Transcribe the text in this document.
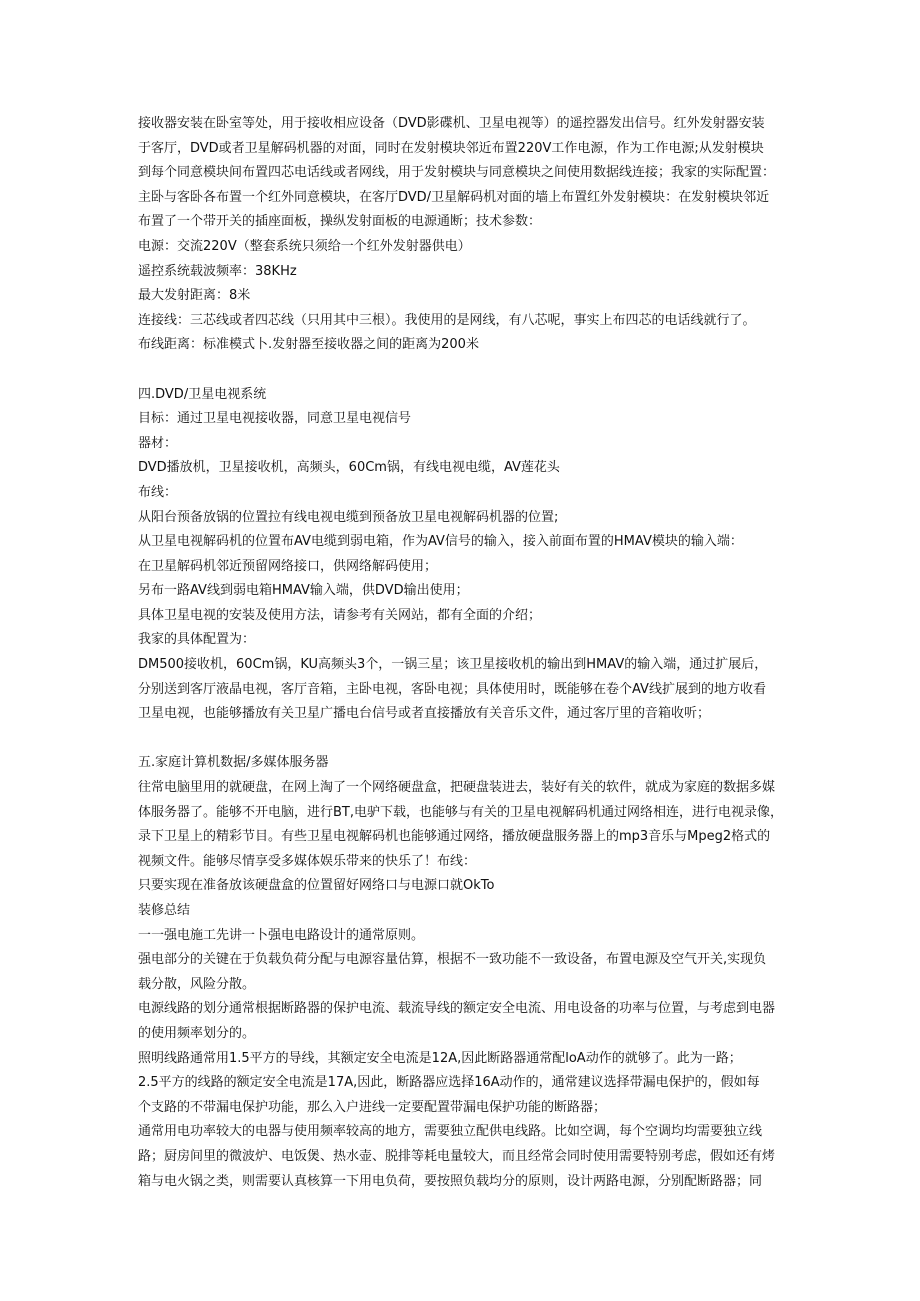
接收器安装在卧室等处，用于接收相应设备（DVD影碟机、卫星电视等）的遥控器发出信号。红外发射器安装
于客厅，DVD或者卫星解码机器的对面，同时在发射模块邻近布置220V工作电源，作为工作电源;从发射模块
到每个同意模块间布置四芯电话线或者网线，用于发射模块与同意模块之间使用数据线连接；我家的实际配置：
主卧与客卧各布置一个红外同意模块，在客厅DVD/卫星解码机对面的墙上布置红外发射模块：在发射模块邻近
布置了一个带开关的插座面板，操纵发射面板的电源通断；技术参数：
电源：交流220V（整套系统只须给一个红外发射器供电）
遥控系统载波频率：38KHz
最大发射距离：8米
连接线：三芯线或者四芯线（只用其中三根）。我使用的是网线，有八芯呢，事实上布四芯的电话线就行了。
布线距离：标准模式卜.发射器至接收器之间的距离为200米
四.DVD/卫星电视系统
目标：通过卫星电视接收器，同意卫星电视信号
器材：
DVD播放机，卫星接收机，高频头，60Cm锅，有线电视电缆，AV莲花头
布线：
从阳台预备放锅的位置拉有线电视电缆到预备放卫星电视解码机器的位置;
从卫星电视解码机的位置布AV电缆到弱电箱，作为AV信号的输入，接入前面布置的HMAV模块的输入端：
在卫星解码机邻近预留网络接口，供网络解码使用；
另布一路AV线到弱电箱HMAV输入端，供DVD输出使用；
具体卫星电视的安装及使用方法，请参考有关网站，都有全面的介绍；
我家的具体配置为：
DM500接收机，60Cm锅，KU高频头3个，一锅三星；该卫星接收机的输出到HMAV的输入端，通过扩展后，
分别送到客厅液晶电视，客厅音箱，主卧电视，客卧电视；具体使用时，既能够在卷个AV线扩展到的地方收看
卫星电视，也能够播放有关卫星广播电台信号或者直接播放有关音乐文件，通过客厅里的音箱收听；
五.家庭计算机数据/多媒体服务器
往常电脑里用的就硬盘，在网上淘了一个网络硬盘盒，把硬盘装进去，装好有关的软件，就成为家庭的数据多媒
体服务器了。能够不开电脑，进行BT,电驴下载，也能够与有关的卫星电视解码机通过网络相连，进行电视录像，
录下卫星上的精彩节目。有些卫星电视解码机也能够通过网络，播放硬盘服务器上的mp3音乐与Mpeg2格式的
视频文件。能够尽情享受多媒体娱乐带来的快乐了！布线：
只要实现在准备放该硬盘盒的位置留好网络口与电源口就OkTo
装修总结
一一强电施工先讲一卜强电电路设计的通常原则。
强电部分的关键在于负载负荷分配与电源容量估算，根据不一致功能不一致设备，布置电源及空气开关,实现负
载分散，风险分散。
电源线路的划分通常根据断路器的保护电流、载流导线的额定安全电流、用电设备的功率与位置，与考虑到电器
的使用频率划分的。
照明线路通常用1.5平方的导线，其额定安全电流是12A,因此断路器通常配loA动作的就够了。此为一路；
2.5平方的线路的额定安全电流是17A,因此，断路器应选择16A动作的，通常建议选择带漏电保护的，假如每
个支路的不带漏电保护功能，那么入户进线一定要配置带漏电保护功能的断路器；
通常用电功率较大的电器与使用频率较高的地方，需要独立配供电线路。比如空调，每个空调均均需要独立线
路；厨房间里的微波炉、电饭煲、热水壶、脱排等耗电量较大，而且经常会同时使用需要特别考虑，假如还有烤
箱与电火锅之类，则需要认真核算一下用电负荷，要按照负载均分的原则，设计两路电源，分别配断路器；同
